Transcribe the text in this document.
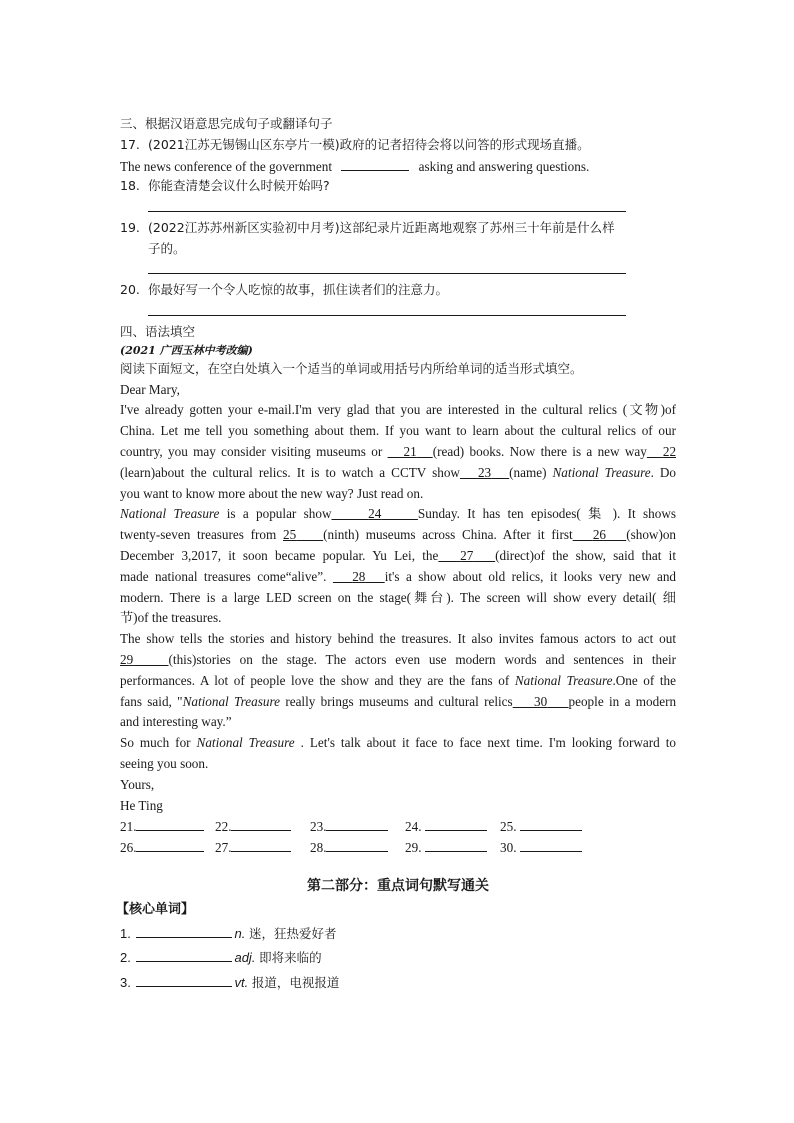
三、根据汉语意思完成句子或翻译句子
17. (2021江苏无锡锡山区东亭片一模)政府的记者招待会将以问答的形式现场直播。
The news conference of the government	asking and answering questions.
18. 你能查清楚会议什么时候开始吗?
19. (2022江苏苏州新区实验初中月考)这部纪录片近距离地观察了苏州三十年前是什么样
子的。
20. 你最好写一个令人吃惊的故事，抓住读者们的注意力。
四、语法填空
(2021 广西玉林中考改编)
阅读下面短文，在空白处填入一个适当的单词或用括号内所给单词的适当形式填空。
Dear Mary,
I've already gotten your e-mail.I'm very glad that you are interested in the cultural relics (文物)of
China. Let me tell you something about them. If you want to learn about the cultural relics of our
country, you may consider visiting museums or 21 (read) books. Now there is a new way 22
(learn)about the cultural relics. It is to watch a CCTV show 23 (name) National Treasure. Do
you want to know more about the new way? Just read on.
National Treasure is a popular show	24	Sunday. It has ten episodes( 集 ). It shows
twenty-seven treasures from 25 (ninth) museums across China. After it first 26 (show)on
December 3,2017, it soon became popular. Yu Lei, the 27 (direct)of the show, said that it
made national treasures come“alive”. 28 it's a show about old relics, it looks very new and
modern. There is a large LED screen on the stage(舞台). The screen will show every detail( 细
节)of the treasures.
The show tells the stories and history behind the treasures. It also invites famous actors to act out
29	(this)stories on the stage. The actors even use modern words and sentences in their
performances. A lot of people love the show and they are the fans of National Treasure.One of the
fans said, "National Treasure really brings museums and cultural relics 30 people in a modern
and interesting way.”
So much for National Treasure . Let's talk about it face to face next time. I'm looking forward to
seeing you soon.
Yours,
He Ting
21.	22.	23.	24.	25.
26.	27.	28.	29.	30.
第二部分：重点词句默写通关
【核心单词】
1.	n. 迷，狂热爱好者
2.	adj. 即将来临的
3.	vt. 报道，电视报道
